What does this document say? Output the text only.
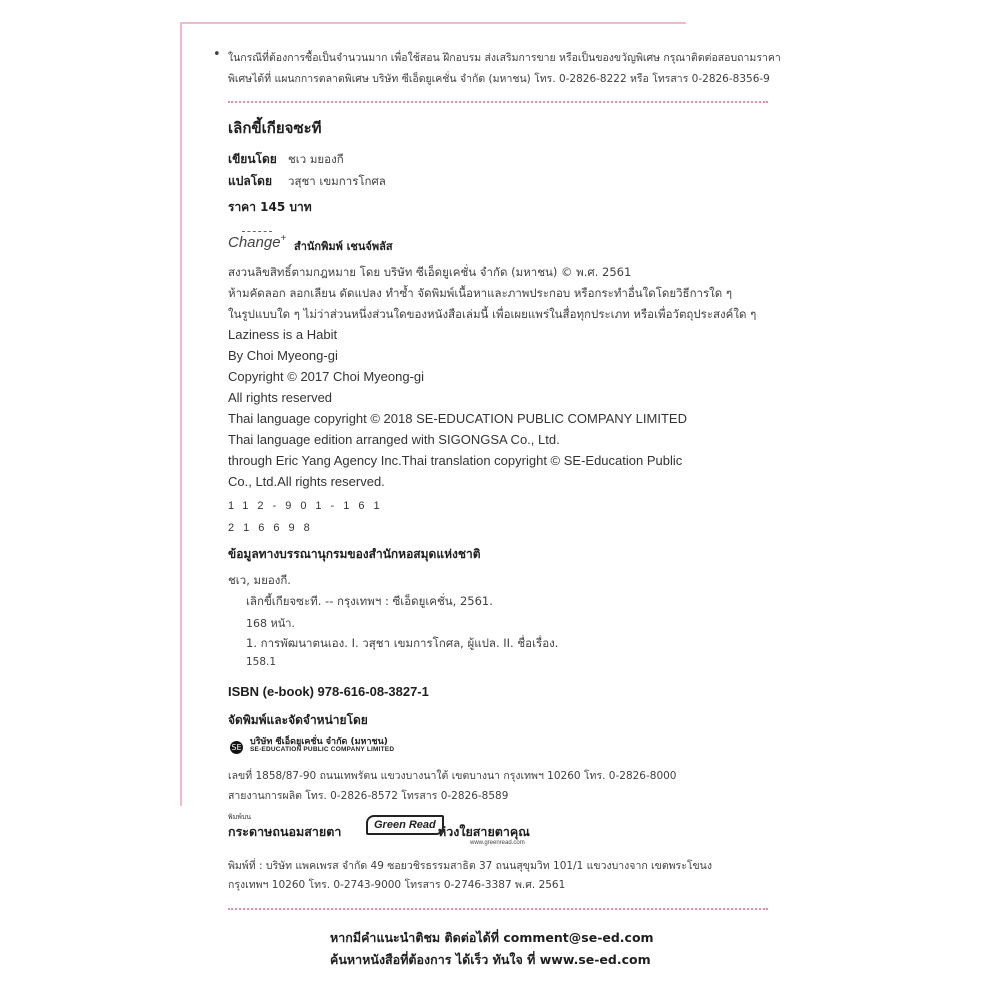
• ในกรณีที่ต้องการซื้อเป็นจำนวนมาก เพื่อใช้สอน ฝึกอบรม ส่งเสริมการขาย หรือเป็นของขวัญพิเศษ กรุณาติดต่อสอบถามราคา
พิเศษได้ที่ แผนกการตลาดพิเศษ บริษัท ซีเอ็ดยูเคชั่น จำกัด (มหาชน) โทร. 0-2826-8222 หรือ โทรสาร 0-2826-8356-9
เลิกขี้เกียจซะที
เขียนโดย ชเว มยองกี
แปลโดย วสุชา เขมการโกศล
ราคา 145 บาท
Change+
สำนักพิมพ์ เชนจ์พลัส
สงวนลิขสิทธิ์ตามกฎหมาย โดย บริษัท ซีเอ็ดยูเคชั่น จำกัด (มหาชน) © พ.ศ. 2561
ห้ามคัดลอก ลอกเลียน ดัดแปลง ทำซ้ำ จัดพิมพ์เนื้อหาและภาพประกอบ หรือกระทำอื่นใดโดยวิธีการใด ๆ
ในรูปแบบใด ๆ ไม่ว่าส่วนหนึ่งส่วนใดของหนังสือเล่มนี้ เพื่อเผยแพร่ในสื่อทุกประเภท หรือเพื่อวัตถุประสงค์ใด ๆ
Laziness is a Habit
By Choi Myeong-gi
Copyright © 2017 Choi Myeong-gi
All rights reserved
Thai language copyright © 2018 SE-EDUCATION PUBLIC COMPANY LIMITED
Thai language edition arranged with SIGONGSA Co., Ltd.
through Eric Yang Agency Inc.Thai translation copyright © SE-Education Public
Co., Ltd.All rights reserved.
112-901-161
216698
ข้อมูลทางบรรณานุกรมของสำนักหอสมุดแห่งชาติ
ชเว, มยองกี.
เลิกขี้เกียจซะที. -- กรุงเทพฯ : ซีเอ็ดยูเคชั่น, 2561.
168 หน้า.
1. การพัฒนาตนเอง. I. วสุชา เขมการโกศล, ผู้แปล. II. ชื่อเรื่อง.
158.1
ISBN (e-book) 978-616-08-3827-1
จัดพิมพ์และจัดจำหน่ายโดย
SE
บริษัท ซีเอ็ดยูเคชั่น จำกัด (มหาชน)
SE-EDUCATION PUBLIC COMPANY LIMITED
เลขที่ 1858/87-90 ถนนเทพรัตน แขวงบางนาใต้ เขตบางนา กรุงเทพฯ 10260 โทร. 0-2826-8000
สายงานการผลิต โทร. 0-2826-8572 โทรสาร 0-2826-8589
พิมพ์บน
กระดาษถนอมสายตา	Green Read ห่วงใยสายตาคุณ
www.greenread.com
พิมพ์ที่ : บริษัท แพคเพรส จำกัด 49 ซอยวชิรธรรมสาธิต 37 ถนนสุขุมวิท 101/1 แขวงบางจาก เขตพระโขนง
กรุงเทพฯ 10260 โทร. 0-2743-9000 โทรสาร 0-2746-3387 พ.ศ. 2561
หากมีคำแนะนำติชม ติดต่อได้ที่ comment@se-ed.com
ค้นหาหนังสือที่ต้องการ ได้เร็ว ทันใจ ที่ www.se-ed.com
